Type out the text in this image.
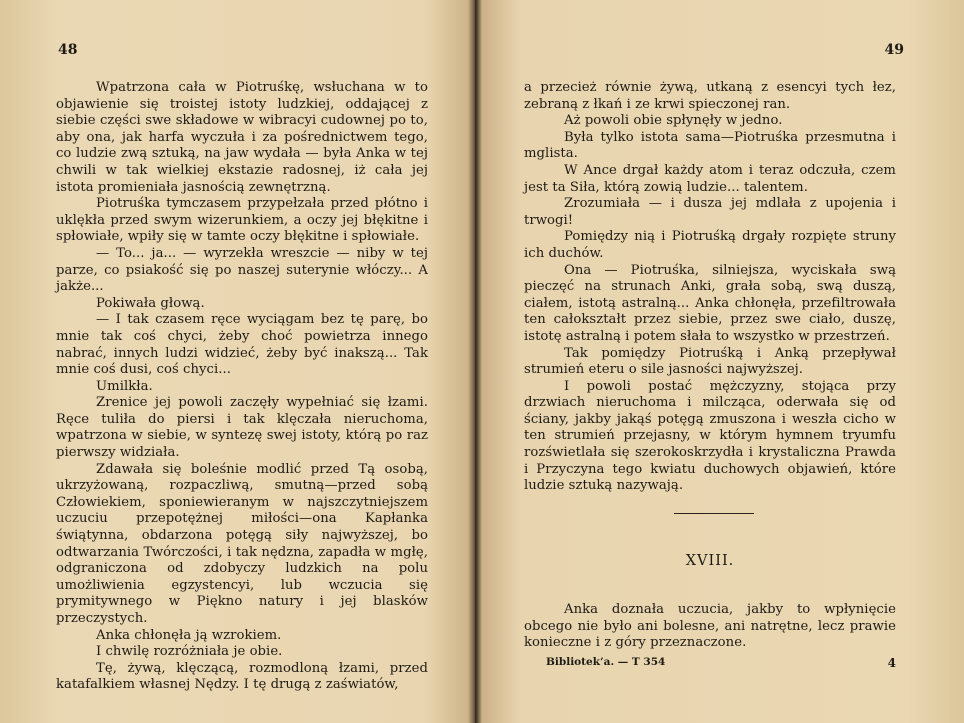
48

Wpatrzona cała w Piotruśkę, wsłuchana w to objawienie się troistej istoty ludzkiej, oddającej z siebie części swe składowe w wibracyi cudownej po to, aby ona, jak harfa wyczuła i za pośrednictwem tego, co ludzie zwą sztuką, na jaw wydała — była Anka w tej chwili w tak wielkiej ekstazie radosnej, iż cała jej istota promieniała jasnością zewnętrzną.

Piotruśka tymczasem przypełzała przed płótno i uklękła przed swym wizerunkiem, a oczy jej błękitne i spłowiałe, wpiły się w tamte oczy błękitne i spłowiałe.

— To... ja... — wyrzekła wreszcie — niby w tej parze, co psiakość się po naszej suterynie włóczy... A jakże...

Pokiwała głową.

— I tak czasem ręce wyciągam bez tę parę, bo mnie tak coś chyci, żeby choć powietrza innego nabrać, innych ludzi widzieć, żeby być inakszą... Tak mnie coś dusi, coś chyci...

Umilkła.

Zrenice jej powoli zaczęły wypełniać się łzami. Ręce tuliła do piersi i tak klęczała nieruchoma, wpatrzona w siebie, w syntezę swej istoty, którą po raz pierwszy widziała.

Zdawała się boleśnie modlić przed Tą osobą, ukrzyżowaną, rozpaczliwą, smutną—przed sobą Człowiekiem, sponiewieranym w najszczytniejszem uczuciu przepotężnej miłości—ona Kapłanka świątynna, obdarzona potęgą siły najwyższej, bo odtwarzania Twórczości, i tak nędzna, zapadła w mgłę, odgraniczona od zdobyczy ludzkich na polu umożliwienia egzystencyi, lub wczucia się prymitywnego w Piękno natury i jej blasków przeczystych.

Anka chłonęła ją wzrokiem.

I chwilę rozróżniała je obie.

Tę, żywą, klęczącą, rozmodloną łzami, przed katafalkiem własnej Nędzy. I tę drugą z zaświatów,

49

a przecież równie żywą, utkaną z esencyi tych łez, zebraną z łkań i ze krwi spieczonej ran.

Aż powoli obie spłynęły w jedno.

Była tylko istota sama—Piotruśka przesmutna i mglista.

W Ance drgał każdy atom i teraz odczuła, czem jest ta Siła, którą zowią ludzie... talentem.

Zrozumiała — i dusza jej mdlała z upojenia i trwogi!

Pomiędzy nią i Piotruśką drgały rozpięte struny ich duchów.

Ona — Piotruśka, silniejsza, wyciskała swą pieczęć na strunach Anki, grała sobą, swą duszą, ciałem, istotą astralną... Anka chłonęła, przefiltrowała ten całokształt przez siebie, przez swe ciało, duszę, istotę astralną i potem słała to wszystko w przestrzeń.

Tak pomiędzy Piotruśką i Anką przepływał strumień eteru o sile jasności najwyższej.

I powoli postać mężczyzny, stojąca przy drzwiach nieruchoma i milcząca, oderwała się od ściany, jakby jakąś potęgą zmuszona i weszła cicho w ten strumień przejasny, w którym hymnem tryumfu rozświetlała się szerokoskrzydła i krystaliczna Prawda i Przyczyna tego kwiatu duchowych objawień, które ludzie sztuką nazywają.

XVIII.

Anka doznała uczucia, jakby to wpłynięcie obcego nie było ani bolesne, ani natrętne, lecz prawie konieczne i z góry przeznaczone.

Bibliotek’a. — T 354	4
